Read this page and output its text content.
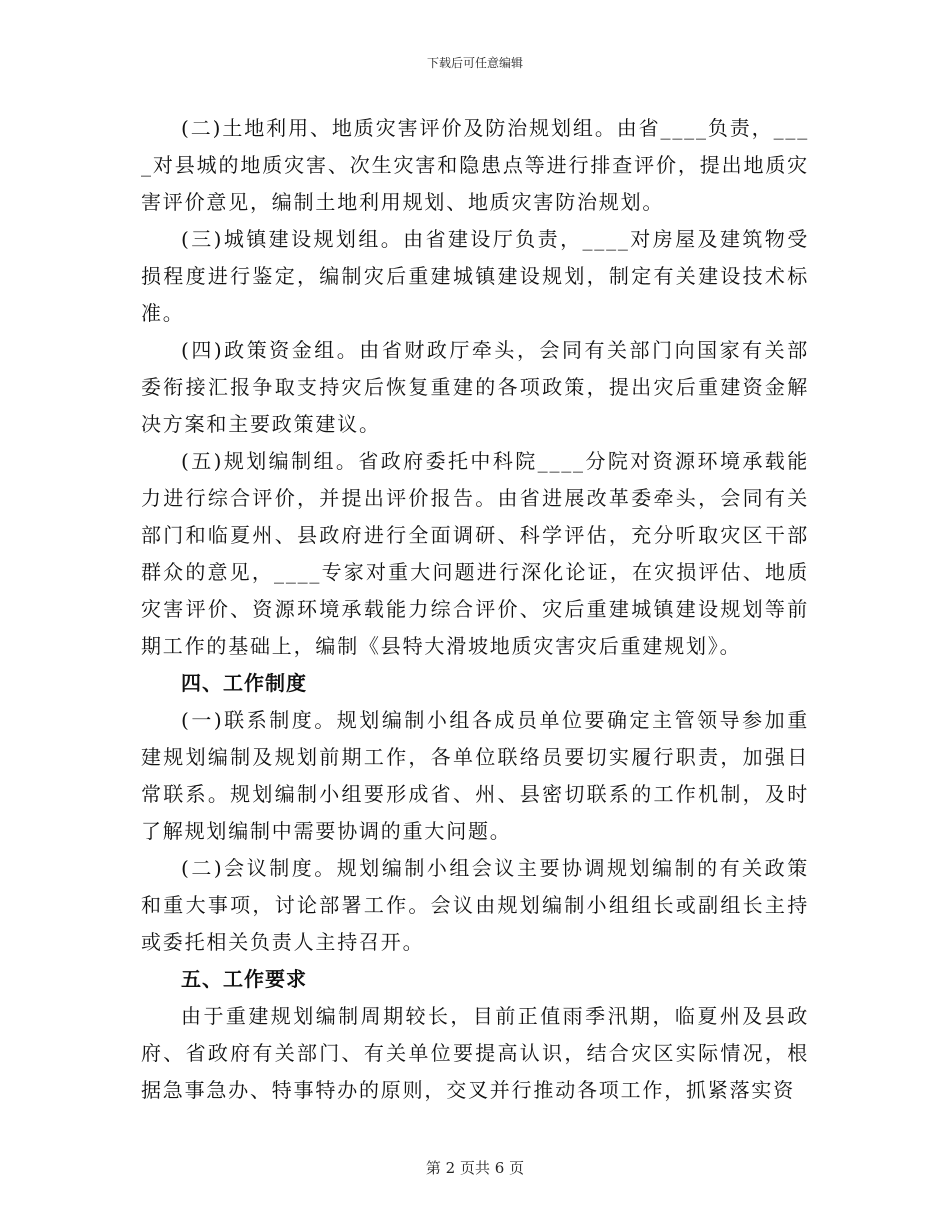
下载后可任意编辑

(二)土地利用、地质灾害评价及防治规划组。由省____负责，____对县城的地质灾害、次生灾害和隐患点等进行排查评价，提出地质灾害评价意见，编制土地利用规划、地质灾害防治规划。

(三)城镇建设规划组。由省建设厅负责，____对房屋及建筑物受损程度进行鉴定，编制灾后重建城镇建设规划，制定有关建设技术标准。

(四)政策资金组。由省财政厅牵头，会同有关部门向国家有关部委衔接汇报争取支持灾后恢复重建的各项政策，提出灾后重建资金解决方案和主要政策建议。

(五)规划编制组。省政府委托中科院____分院对资源环境承载能力进行综合评价，并提出评价报告。由省进展改革委牵头，会同有关部门和临夏州、县政府进行全面调研、科学评估，充分听取灾区干部群众的意见，____专家对重大问题进行深化论证，在灾损评估、地质灾害评价、资源环境承载能力综合评价、灾后重建城镇建设规划等前期工作的基础上，编制《县特大滑坡地质灾害灾后重建规划》。

四、工作制度

(一)联系制度。规划编制小组各成员单位要确定主管领导参加重建规划编制及规划前期工作，各单位联络员要切实履行职责，加强日常联系。规划编制小组要形成省、州、县密切联系的工作机制，及时了解规划编制中需要协调的重大问题。

(二)会议制度。规划编制小组会议主要协调规划编制的有关政策和重大事项，讨论部署工作。会议由规划编制小组组长或副组长主持或委托相关负责人主持召开。

五、工作要求

由于重建规划编制周期较长，目前正值雨季汛期，临夏州及县政府、省政府有关部门、有关单位要提高认识，结合灾区实际情况，根据急事急办、特事特办的原则，交叉并行推动各项工作，抓紧落实资

第 2 页共 6 页
